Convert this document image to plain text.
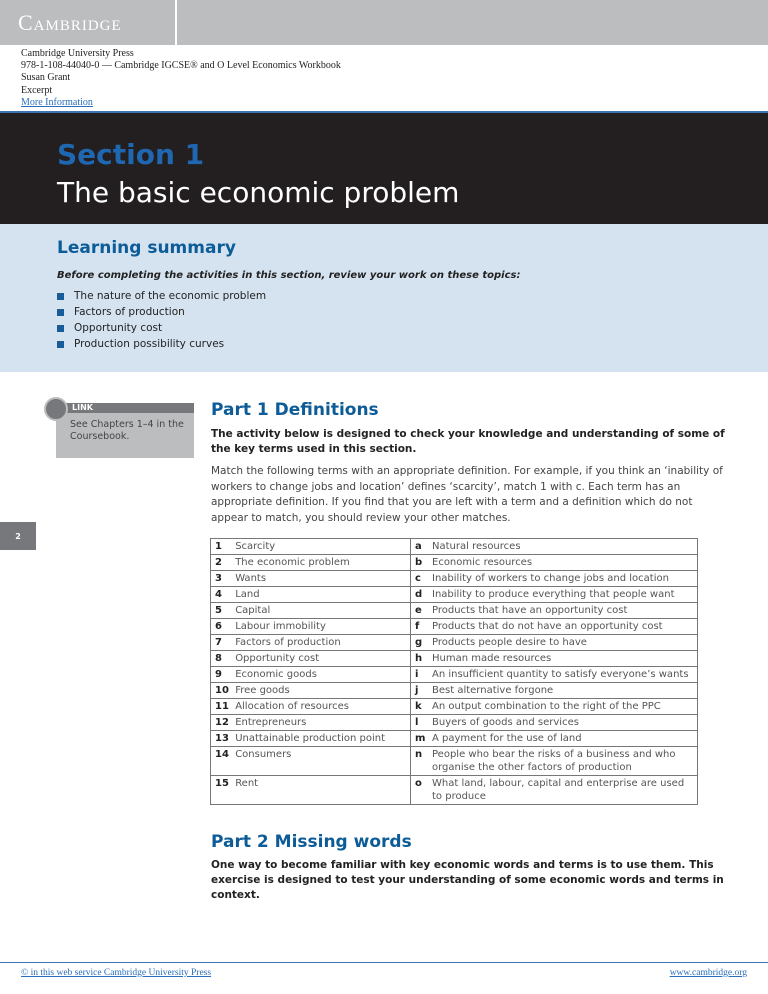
Cambridge
Cambridge University Press
978-1-108-44040-0 — Cambridge IGCSE® and O Level Economics Workbook
Susan Grant
Excerpt
More Information
Section 1
The basic economic problem
Learning summary
Before completing the activities in this section, review your work on these topics:
The nature of the economic problem
Factors of production
Opportunity cost
Production possibility curves
LINK
See Chapters 1–4 in the Coursebook.
2
Part 1 Definitions
The activity below is designed to check your knowledge and understanding of some of the key terms used in this section.
Match the following terms with an appropriate definition. For example, if you think an ‘inability of workers to change jobs and location’ defines ‘scarcity’, match 1 with c. Each term has an appropriate definition. If you find that you are left with a term and a definition which do not appear to match, you should review your other matches.
1 Scarcity	a Natural resources
2 The economic problem	b Economic resources
3 Wants	c Inability of workers to change jobs and location
4 Land	d Inability to produce everything that people want
5 Capital	e Products that have an opportunity cost
6 Labour immobility	f Products that do not have an opportunity cost
7 Factors of production	g Products people desire to have
8 Opportunity cost	h Human made resources
9 Economic goods	i An insufficient quantity to satisfy everyone’s wants
10 Free goods	j Best alternative forgone
11 Allocation of resources	k An output combination to the right of the PPC
12 Entrepreneurs	l Buyers of goods and services
13 Unattainable production point	m A payment for the use of land
14 Consumers	n People who bear the risks of a business and who organise the other factors of production
15 Rent	o What land, labour, capital and enterprise are used to produce
Part 2 Missing words
One way to become familiar with key economic words and terms is to use them. This exercise is designed to test your understanding of some economic words and terms in context.
© in this web service Cambridge University Press	www.cambridge.org
